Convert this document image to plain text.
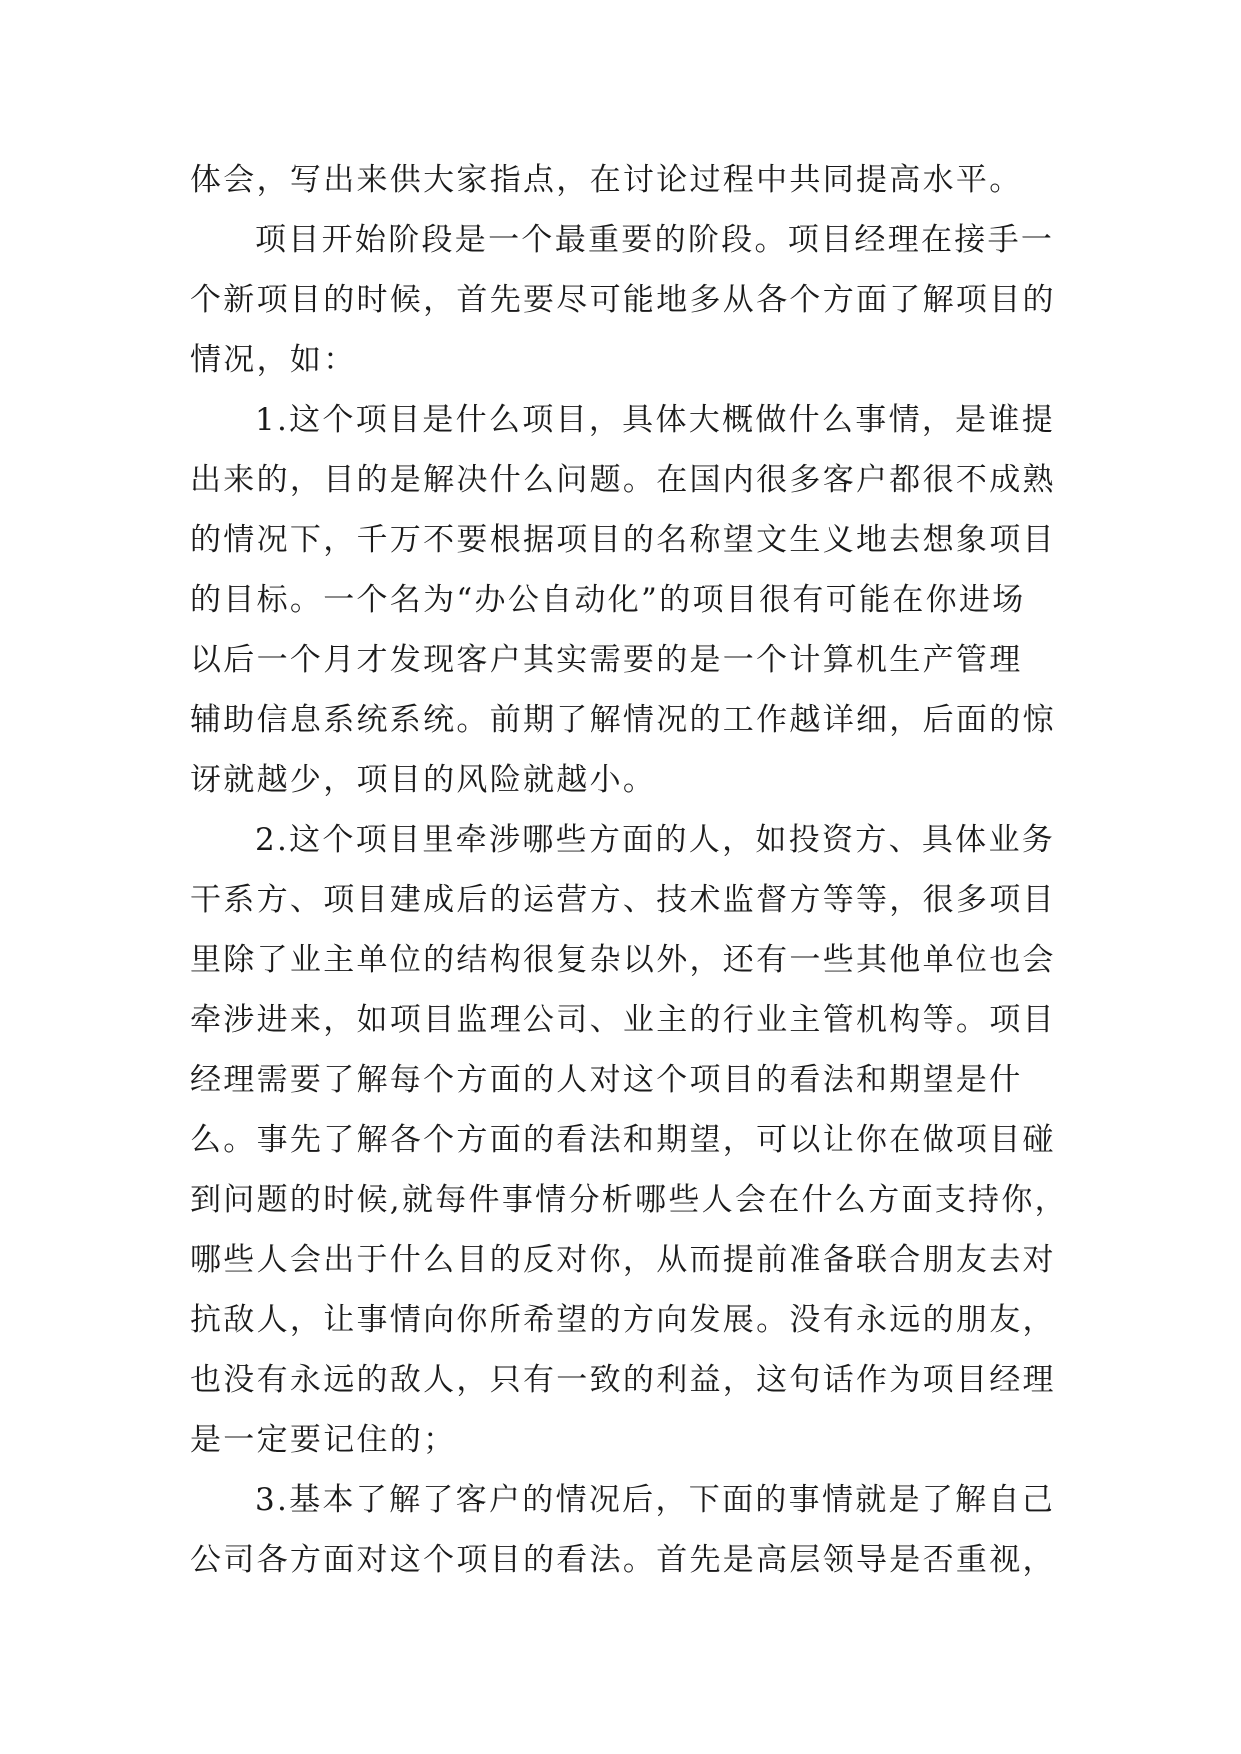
体会，写出来供大家指点，在讨论过程中共同提高水平。
项目开始阶段是一个最重要的阶段。项目经理在接手一
个新项目的时候，首先要尽可能地多从各个方面了解项目的
情况，如：
1.这个项目是什么项目，具体大概做什么事情，是谁提
出来的，目的是解决什么问题。在国内很多客户都很不成熟
的情况下，千万不要根据项目的名称望文生义地去想象项目
的目标。一个名为“办公自动化”的项目很有可能在你进场
以后一个月才发现客户其实需要的是一个计算机生产管理
辅助信息系统系统。前期了解情况的工作越详细，后面的惊
讶就越少，项目的风险就越小。
2.这个项目里牵涉哪些方面的人，如投资方、具体业务
干系方、项目建成后的运营方、技术监督方等等，很多项目
里除了业主单位的结构很复杂以外，还有一些其他单位也会
牵涉进来，如项目监理公司、业主的行业主管机构等。项目
经理需要了解每个方面的人对这个项目的看法和期望是什
么。事先了解各个方面的看法和期望，可以让你在做项目碰
到问题的时候,就每件事情分析哪些人会在什么方面支持你，
哪些人会出于什么目的反对你，从而提前准备联合朋友去对
抗敌人，让事情向你所希望的方向发展。没有永远的朋友，
也没有永远的敌人，只有一致的利益，这句话作为项目经理
是一定要记住的；
3.基本了解了客户的情况后，下面的事情就是了解自己
公司各方面对这个项目的看法。首先是高层领导是否重视，
